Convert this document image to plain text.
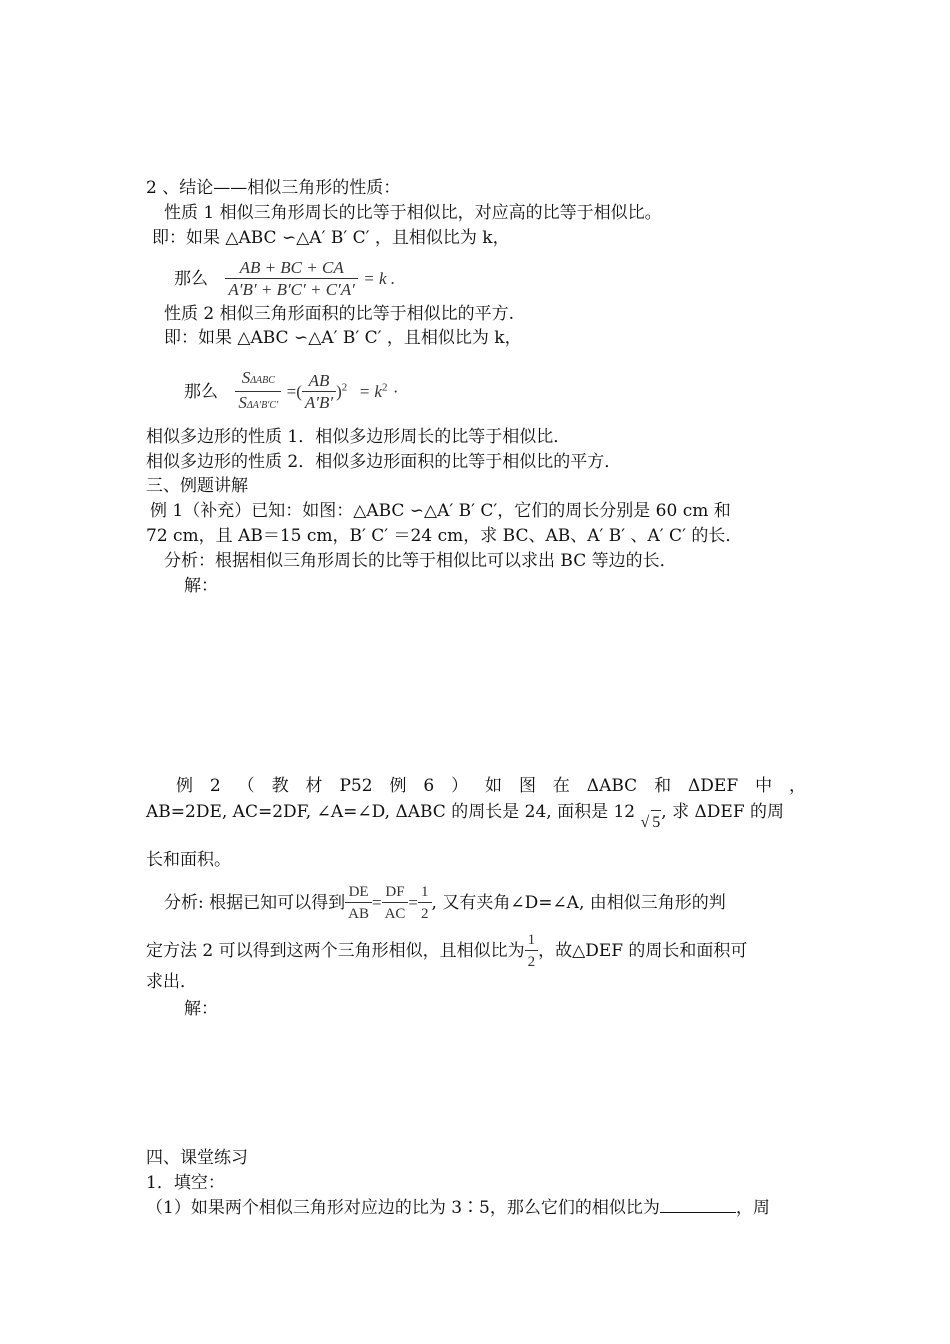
2 、结论——相似三角形的性质：
性质 1 相似三角形周长的比等于相似比，对应高的比等于相似比。
即：如果 △ABC ∽△A′ B′ C′ ，且相似比为 k，
那么 $\frac{AB + BC + CA}{A'B' + B'C' + C'A'} = k$ .
性质 2 相似三角形面积的比等于相似比的平方.
即：如果 △ABC ∽△A′ B′ C′ ，且相似比为 k，
那么 $\frac{\text{SΔABC}}{\text{SΔA′B′C′}}$ =( $\frac{AB}{A'B'} )^2 = k^2$ ·
相似多边形的性质 1．相似多边形周长的比等于相似比．
相似多边形的性质 2．相似多边形面积的比等于相似比的平方．
三、例题讲解
例 1（补充）已知：如图：△ABC ∽△A′ B′ C′，它们的周长分别是 60 cm 和
72 cm，且 AB＝15 cm，B′ C′ ＝24 cm，求 BC、AB、A′ B′ 、A′ C′ 的长．
分析：根据相似三角形周长的比等于相似比可以求出 BC 等边的长．
解：
例 2 （ 教 材 P52 例 6 ） 如 图 在 ΔABC 和 ΔDEF 中 ，
AB=2DE, AC=2DF, ∠A=∠D, ΔABC 的周长是 24, 面积是 12 √ 5, 求 ΔDEF 的周
长和面积。
分析: 根据已知可以得到 $\frac{DE}{AB} = \frac{DF}{AC} = \frac{1}{2}$ , 又有夹角∠D=∠A, 由相似三角形的判
定方法 2 可以得到这两个三角形相似，且相似比为 $\frac{1}{2}$ ，故△DEF 的周长和面积可
求出．
解：
四、课堂练习
1．填空：
（1）如果两个相似三角形对应边的比为 3∶5，那么它们的相似比为	，周
